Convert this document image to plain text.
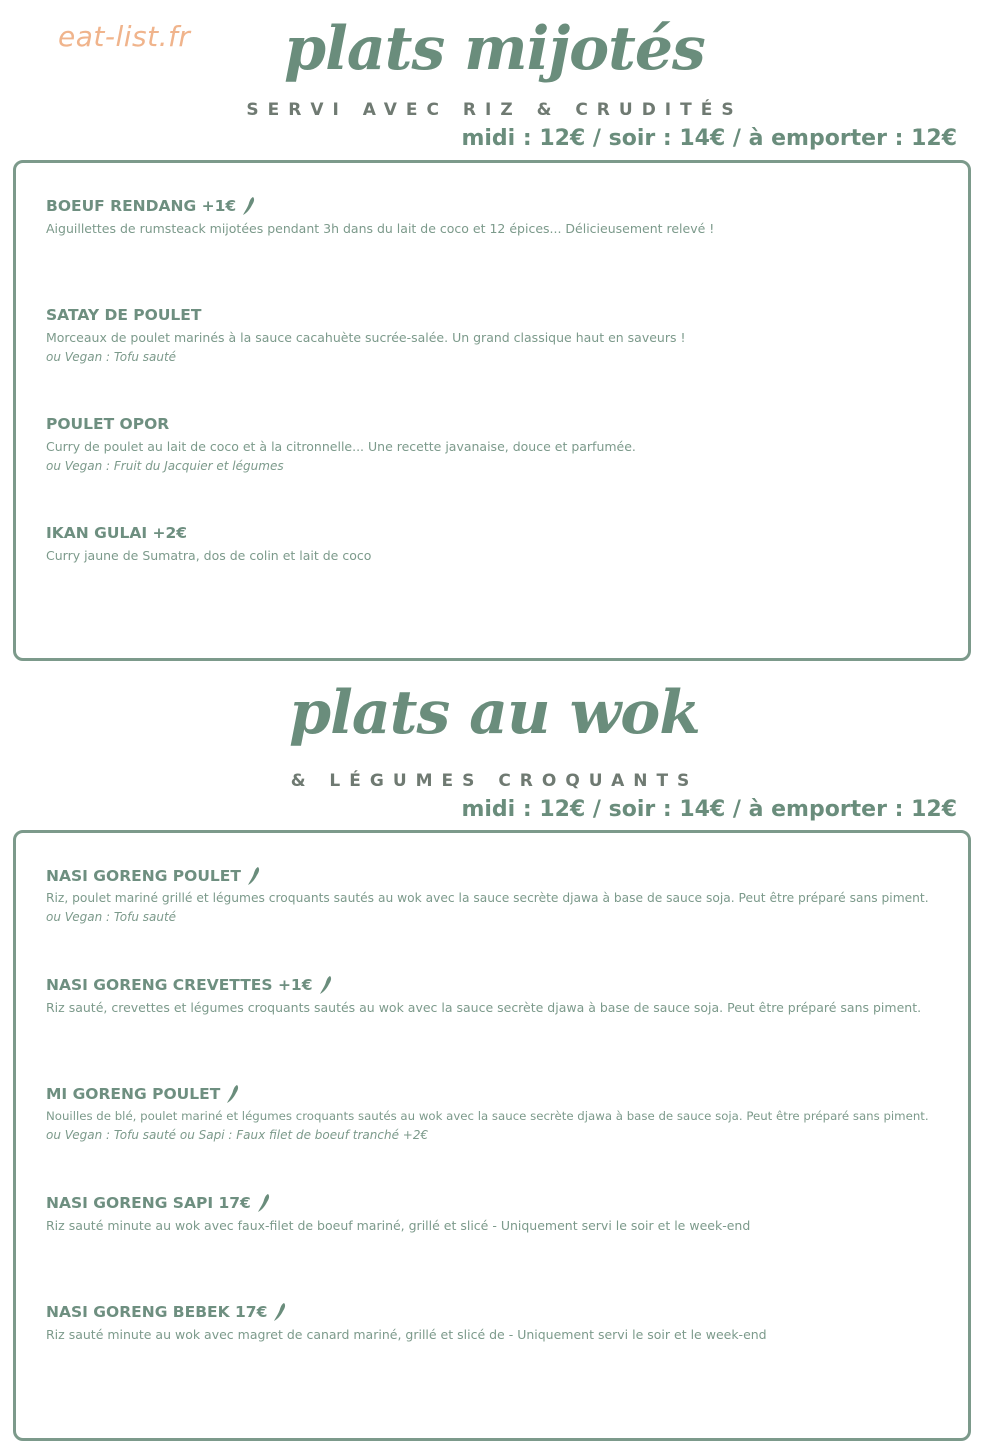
eat-list.fr	plats mijotés
SERVI AVEC RIZ & CRUDITÉS
midi : 12€ / soir : 14€ / à emporter : 12€
BOEUF RENDANG +1€
Aiguillettes de rumsteack mijotées pendant 3h dans du lait de coco et 12 épices... Délicieusement relevé !
SATAY DE POULET
Morceaux de poulet marinés à la sauce cacahuète sucrée-salée. Un grand classique haut en saveurs !
ou Vegan : Tofu sauté
POULET OPOR
Curry de poulet au lait de coco et à la citronnelle... Une recette javanaise, douce et parfumée.
ou Vegan : Fruit du Jacquier et légumes
IKAN GULAI +2€
Curry jaune de Sumatra, dos de colin et lait de coco
plats au wok
& LÉGUMES CROQUANTS
midi : 12€ / soir : 14€ / à emporter : 12€
NASI GORENG POULET
Riz, poulet mariné grillé et légumes croquants sautés au wok avec la sauce secrète djawa à base de sauce soja. Peut être préparé sans piment.
ou Vegan : Tofu sauté
NASI GORENG CREVETTES +1€
Riz sauté, crevettes et légumes croquants sautés au wok avec la sauce secrète djawa à base de sauce soja. Peut être préparé sans piment.
MI GORENG POULET
Nouilles de blé, poulet mariné et légumes croquants sautés au wok avec la sauce secrète djawa à base de sauce soja. Peut être préparé sans piment.
ou Vegan : Tofu sauté ou Sapi : Faux filet de boeuf tranché +2€
NASI GORENG SAPI 17€
Riz sauté minute au wok avec faux-filet de boeuf mariné, grillé et slicé - Uniquement servi le soir et le week-end
NASI GORENG BEBEK 17€
Riz sauté minute au wok avec magret de canard mariné, grillé et slicé de - Uniquement servi le soir et le week-end
